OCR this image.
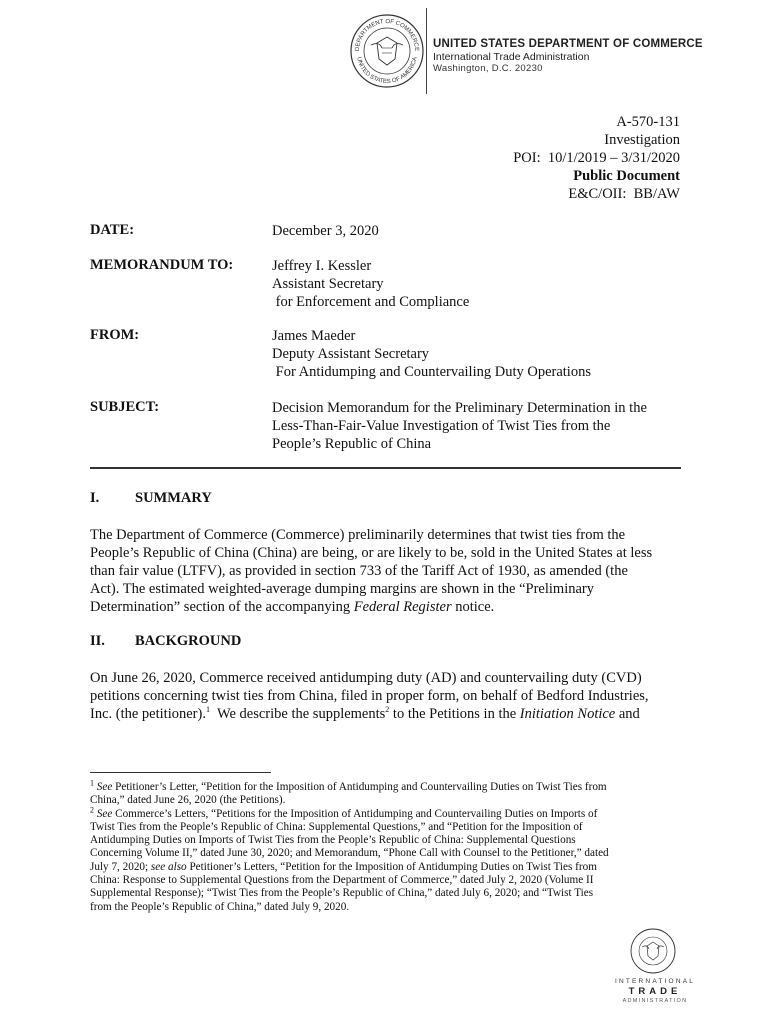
DEPARTMENT OF COMMERCE
UNITED STATES OF AMERICA
UNITED STATES DEPARTMENT OF COMMERCE
International Trade Administration
Washington, D.C. 20230
A-570-131
Investigation
POI:  10/1/2019 – 3/31/2020
Public Document
E&C/OII:  BB/AW
DATE:	December 3, 2020
MEMORANDUM TO:	Jeffrey I. Kessler
Assistant Secretary
for Enforcement and Compliance
FROM:	James Maeder
Deputy Assistant Secretary
For Antidumping and Countervailing Duty Operations
SUBJECT:	Decision Memorandum for the Preliminary Determination in the
Less-Than-Fair-Value Investigation of Twist Ties from the
People’s Republic of China
I. SUMMARY
The Department of Commerce (Commerce) preliminarily determines that twist ties from the
People’s Republic of China (China) are being, or are likely to be, sold in the United States at less
than fair value (LTFV), as provided in section 733 of the Tariff Act of 1930, as amended (the
Act). The estimated weighted-average dumping margins are shown in the “Preliminary
Determination” section of the accompanying Federal Register notice.
II. BACKGROUND
On June 26, 2020, Commerce received antidumping duty (AD) and countervailing duty (CVD)
petitions concerning twist ties from China, filed in proper form, on behalf of Bedford Industries,
Inc. (the petitioner).$^1$  We describe the supplements$^2$ to the Petitions in the Initiation Notice and
$^1$ See Petitioner’s Letter, “Petition for the Imposition of Antidumping and Countervailing Duties on Twist Ties from
China,” dated June 26, 2020 (the Petitions).
$^2$ See Commerce’s Letters, “Petitions for the Imposition of Antidumping and Countervailing Duties on Imports of
Twist Ties from the People’s Republic of China: Supplemental Questions,” and “Petition for the Imposition of
Antidumping Duties on Imports of Twist Ties from the People’s Republic of China: Supplemental Questions
Concerning Volume II,” dated June 30, 2020; and Memorandum, “Phone Call with Counsel to the Petitioner,” dated
July 7, 2020; see also Petitioner’s Letters, “Petition for the Imposition of Antidumping Duties on Twist Ties from
China: Response to Supplemental Questions from the Department of Commerce,” dated July 2, 2020 (Volume II
Supplemental Response); “Twist Ties from the People’s Republic of China,” dated July 6, 2020; and “Twist Ties
from the People’s Republic of China,” dated July 9, 2020.
INTERNATIONAL
TRADE
ADMINISTRATION
